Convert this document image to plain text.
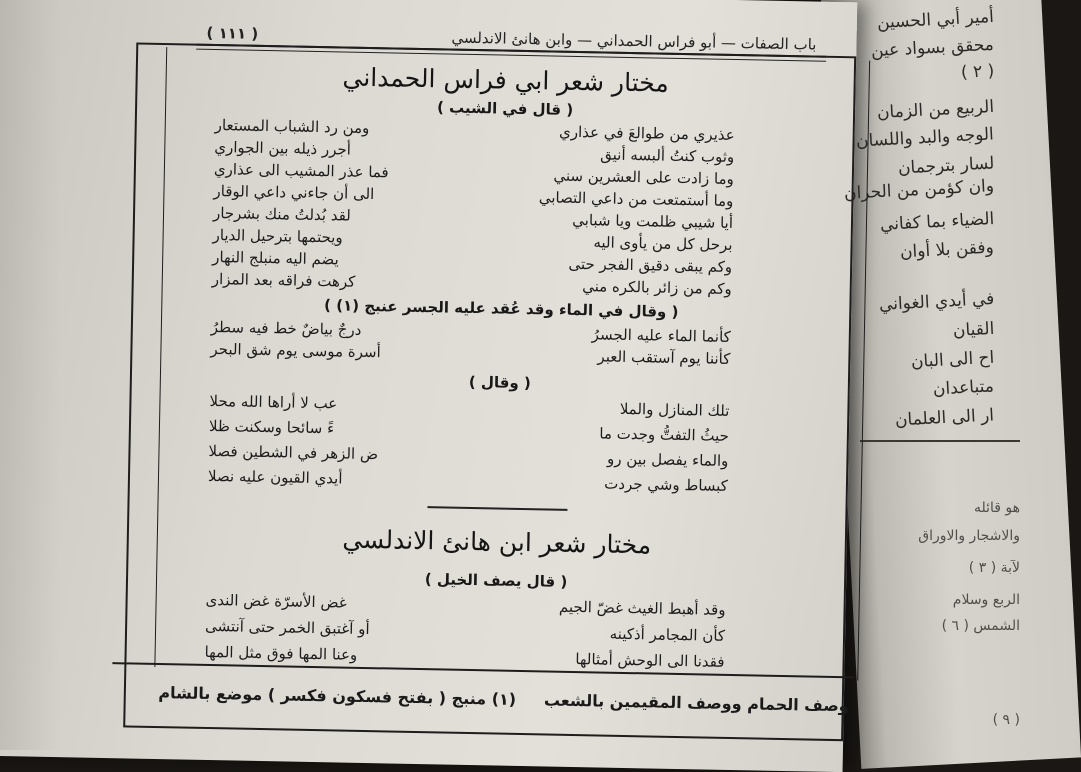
أمير أبي الحسين
محقق بسواد عين
( ٢ )
الربيع من الزمان
الوجه والبد واللسان
لسار بترجمان
وان كؤمن من الحران
الضياء بما كفاني
وفقن بلا أوان
في أيدي الغواني
القيان
اح الى البان
متباعدان
ار الى العلمان
هو قائله
والاشجار والاوراق
لآبة ( ٣ )
الربع وسلام
الشمس ( ٦ )
( ٩ )
باب الصفات — أبو فراس الحمداني — وابن هانئ الاندلسي
( ١١١ )
مختار شعر ابي فراس الحمداني
( قال في الشيب )
عذيري من طوالعَ في عذاري
ومن رد الشباب المستعار
وثوب كنتُ ألبسه أنيق
أجرر ذيله بين الجواري
وما زادت على العشرين سني
فما عذر المشيب الى عذاري
وما أستمتعت من داعي التصابي
الى أن جاءني داعي الوقار
أيا شيبي ظلمت ويا شبابي
لقد بُدلتُ منك بشرجار
برحل كل من يأوى اليه
ويحتمها بترحيل الديار
وكم يبقى دقيق الفجر حتى
يضم اليه منبلج النهار
وكم من زائر بالكره مني
كرهت فراقه بعد المزار
( وقال في الماء وقد عُقد عليه الجسر عنبج (١) )
كأنما الماء عليه الجسرُ
درجٌ بياضٌ خط فيه سطرُ
كأننا يوم آستقب العبر
أسرة موسى يوم شق البحر
( وقال )
تلك المنازل والملا
عب لا أراها الله محلا
حيثُ التفتُّ وجدت ما
ءً سائحا وسكنت ظلا
والماء يفصل بين رو
ض الزهر في الشطين فصلا
كبساط وشي جردت
أيدي القيون عليه نصلا
مختار شعر ابن هانئ الاندلسي
( قال يصف الخيل )
وقد أهبط الغيث غضّ الجيم
غض الأسرّة غض الندى
كأن المجامر أذكينه
أو آغتبق الخمر حتى آنتشى
فقدنا الى الوحش أمثالها
وعنا المها فوق مثل المها
وصف الحمام ووصف المقيمين بالشعب     (١) منبج ( بفتح فسكون فكسر ) موضع بالشام
